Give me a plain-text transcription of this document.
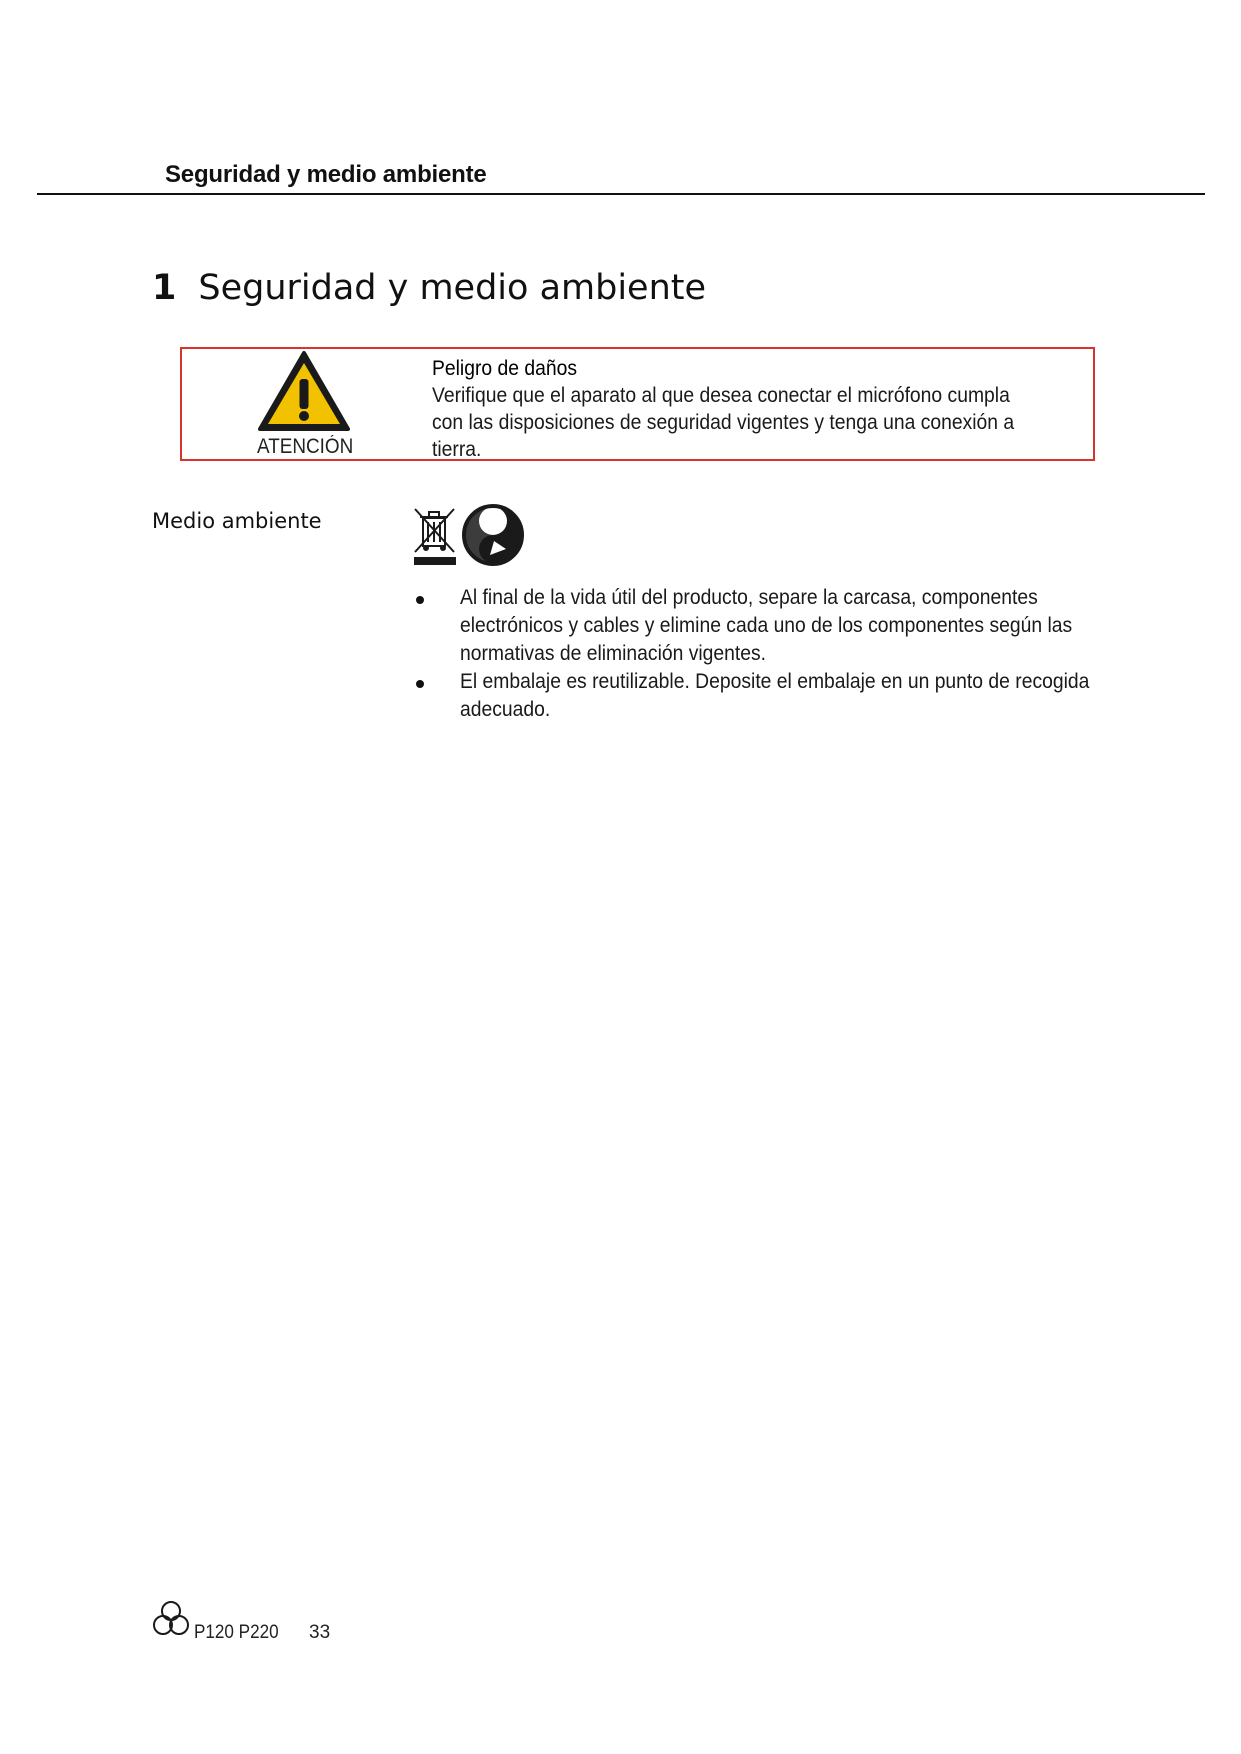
Seguridad y medio ambiente
1 Seguridad y medio ambiente
ATENCIÓN
Peligro de daños
Verifique que el aparato al que desea conectar el micrófono cumpla con las disposiciones de seguridad vigentes y tenga una conexión a tierra.
Medio ambiente
Al final de la vida útil del producto, separe la carcasa, componentes electrónicos y cables y elimine cada uno de los componentes según las normativas de eliminación vigentes.
El embalaje es reutilizable. Deposite el embalaje en un punto de recogida adecuado.
P120 P220 33
